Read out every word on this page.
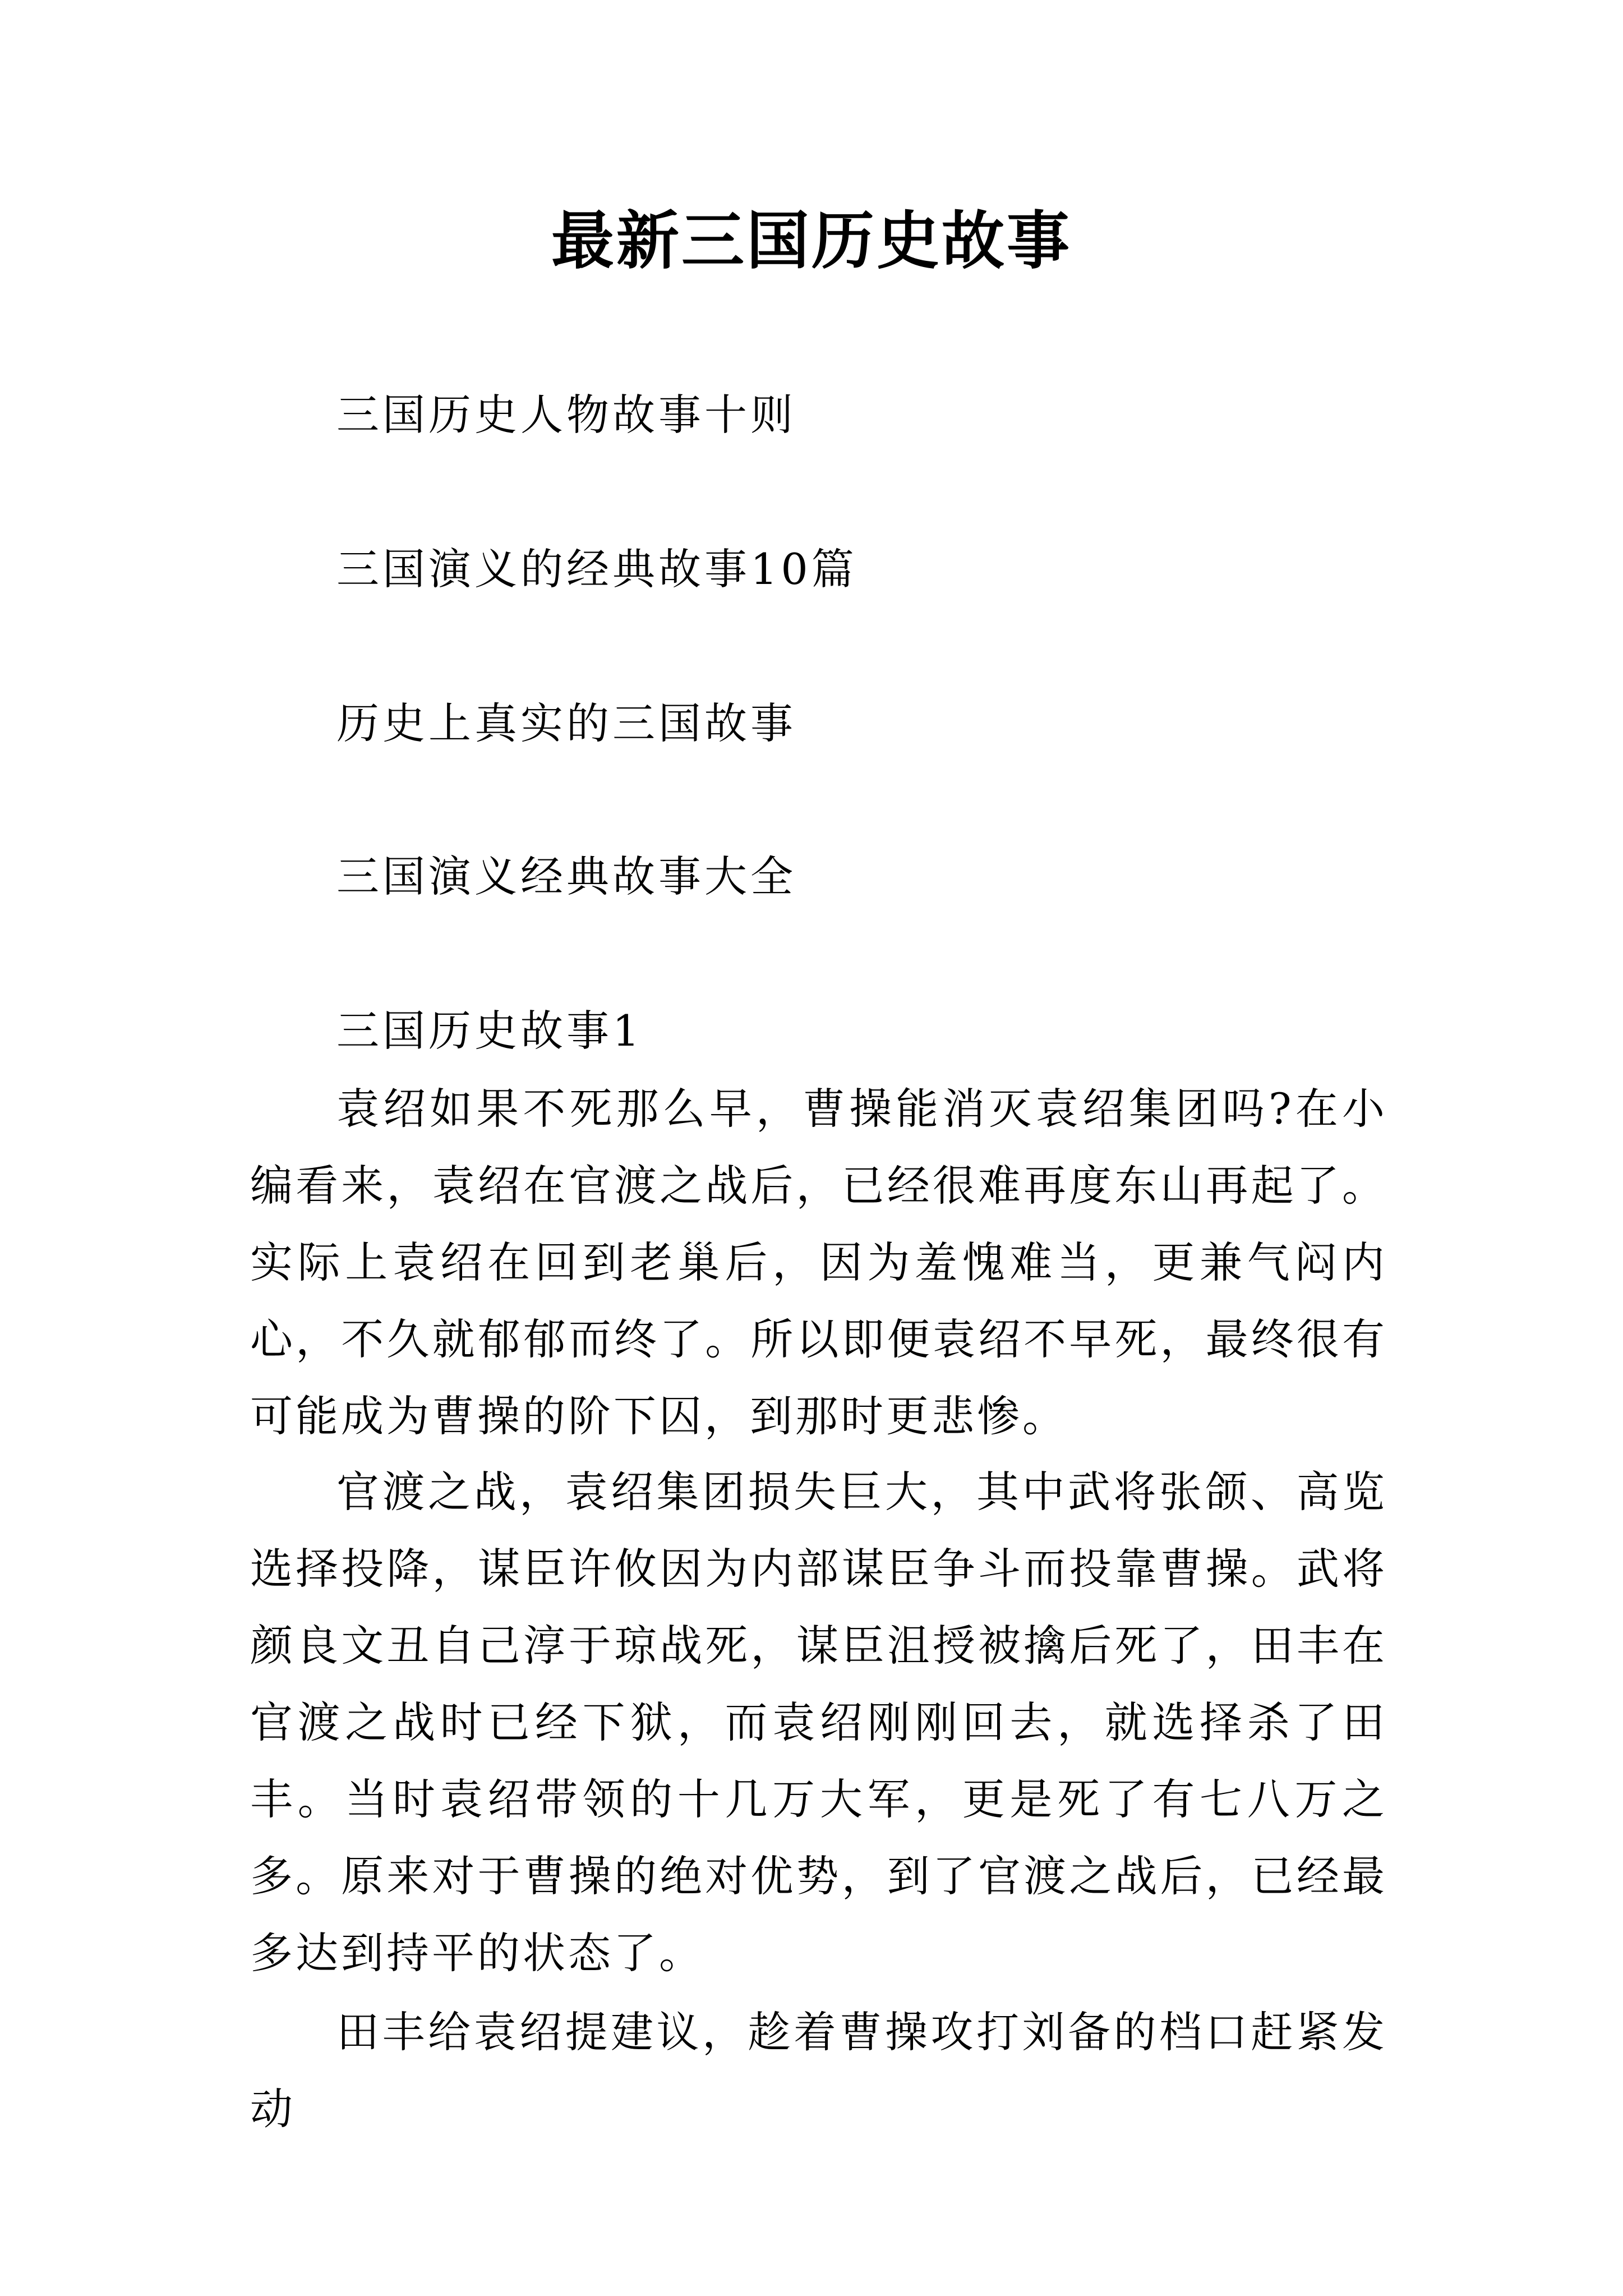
最新三国历史故事

三国历史人物故事十则

三国演义的经典故事10篇

历史上真实的三国故事

三国演义经典故事大全

三国历史故事1

袁绍如果不死那么早，曹操能消灭袁绍集团吗?在小编看来，袁绍在官渡之战后，已经很难再度东山再起了。实际上袁绍在回到老巢后，因为羞愧难当，更兼气闷内心，不久就郁郁而终了。所以即便袁绍不早死，最终很有可能成为曹操的阶下囚，到那时更悲惨。

官渡之战，袁绍集团损失巨大，其中武将张颌、高览选择投降，谋臣许攸因为内部谋臣争斗而投靠曹操。武将颜良文丑自己淳于琼战死，谋臣沮授被擒后死了，田丰在官渡之战时已经下狱，而袁绍刚刚回去，就选择杀了田丰。当时袁绍带领的十几万大军，更是死了有七八万之多。原来对于曹操的绝对优势，到了官渡之战后，已经最多达到持平的状态了。

田丰给袁绍提建议，趁着曹操攻打刘备的档口赶紧发动
